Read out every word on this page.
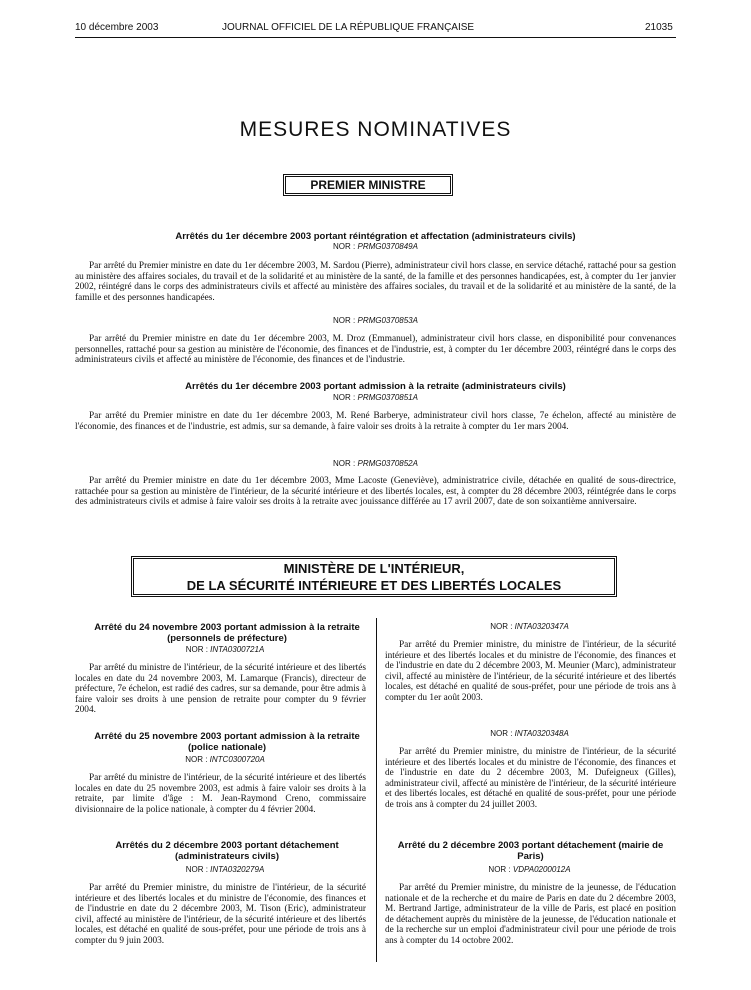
10 décembre 2003	JOURNAL OFFICIEL DE LA RÉPUBLIQUE FRANÇAISE	21035
MESURES NOMINATIVES
PREMIER MINISTRE
Arrêtés du 1er décembre 2003 portant réintégration et affectation (administrateurs civils)
NOR : PRMG0370849A
Par arrêté du Premier ministre en date du 1er décembre 2003, M. Sardou (Pierre), administrateur civil hors classe, en service détaché, rattaché pour sa gestion au ministère des affaires sociales, du travail et de la solidarité et au ministère de la santé, de la famille et des personnes handicapées, est, à compter du 1er janvier 2002, réintégré dans le corps des administrateurs civils et affecté au ministère des affaires sociales, du travail et de la solidarité et au ministère de la santé, de la famille et des personnes handicapées.
NOR : PRMG0370853A
Par arrêté du Premier ministre en date du 1er décembre 2003, M. Droz (Emmanuel), administrateur civil hors classe, en disponibilité pour convenances personnelles, rattaché pour sa gestion au ministère de l'économie, des finances et de l'industrie, est, à compter du 1er décembre 2003, réintégré dans le corps des administrateurs civils et affecté au ministère de l'économie, des finances et de l'industrie.
Arrêtés du 1er décembre 2003 portant admission à la retraite (administrateurs civils)
NOR : PRMG0370851A
Par arrêté du Premier ministre en date du 1er décembre 2003, M. René Barberye, administrateur civil hors classe, 7e échelon, affecté au ministère de l'économie, des finances et de l'industrie, est admis, sur sa demande, à faire valoir ses droits à la retraite à compter du 1er mars 2004.
NOR : PRMG0370852A
Par arrêté du Premier ministre en date du 1er décembre 2003, Mme Lacoste (Geneviève), administratrice civile, détachée en qualité de sous-directrice, rattachée pour sa gestion au ministère de l'intérieur, de la sécurité intérieure et des libertés locales, est, à compter du 28 décembre 2003, réintégrée dans le corps des administrateurs civils et admise à faire valoir ses droits à la retraite avec jouissance différée au 17 avril 2007, date de son soixantième anniversaire.
MINISTÈRE DE L'INTÉRIEUR,
DE LA SÉCURITÉ INTÉRIEURE ET DES LIBERTÉS LOCALES
Arrêté du 24 novembre 2003 portant admission à la retraite (personnels de préfecture)
NOR : INTA0300721A
Par arrêté du ministre de l'intérieur, de la sécurité intérieure et des libertés locales en date du 24 novembre 2003, M. Lamarque (Francis), directeur de préfecture, 7e échelon, est radié des cadres, sur sa demande, pour être admis à faire valoir ses droits à une pension de retraite pour compter du 9 février 2004.
Arrêté du 25 novembre 2003 portant admission à la retraite (police nationale)
NOR : INTC0300720A
Par arrêté du ministre de l'intérieur, de la sécurité intérieure et des libertés locales en date du 25 novembre 2003, est admis à faire valoir ses droits à la retraite, par limite d'âge : M. Jean-Raymond Creno, commissaire divisionnaire de la police nationale, à compter du 4 février 2004.
Arrêtés du 2 décembre 2003 portant détachement (administrateurs civils)
NOR : INTA0320279A
Par arrêté du Premier ministre, du ministre de l'intérieur, de la sécurité intérieure et des libertés locales et du ministre de l'économie, des finances et de l'industrie en date du 2 décembre 2003, M. Tison (Eric), administrateur civil, affecté au ministère de l'intérieur, de la sécurité intérieure et des libertés locales, est détaché en qualité de sous-préfet, pour une période de trois ans à compter du 9 juin 2003.
NOR : INTA0320347A
Par arrêté du Premier ministre, du ministre de l'intérieur, de la sécurité intérieure et des libertés locales et du ministre de l'économie, des finances et de l'industrie en date du 2 décembre 2003, M. Meunier (Marc), administrateur civil, affecté au ministère de l'intérieur, de la sécurité intérieure et des libertés locales, est détaché en qualité de sous-préfet, pour une période de trois ans à compter du 1er août 2003.
NOR : INTA0320348A
Par arrêté du Premier ministre, du ministre de l'intérieur, de la sécurité intérieure et des libertés locales et du ministre de l'économie, des finances et de l'industrie en date du 2 décembre 2003, M. Dufeigneux (Gilles), administrateur civil, affecté au ministère de l'intérieur, de la sécurité intérieure et des libertés locales, est détaché en qualité de sous-préfet, pour une période de trois ans à compter du 24 juillet 2003.
Arrêté du 2 décembre 2003 portant détachement (mairie de Paris)
NOR : VDPA0200012A
Par arrêté du Premier ministre, du ministre de la jeunesse, de l'éducation nationale et de la recherche et du maire de Paris en date du 2 décembre 2003, M. Bertrand Jartige, administrateur de la ville de Paris, est placé en position de détachement auprès du ministère de la jeunesse, de l'éducation nationale et de la recherche sur un emploi d'administrateur civil pour une période de trois ans à compter du 14 octobre 2002.
